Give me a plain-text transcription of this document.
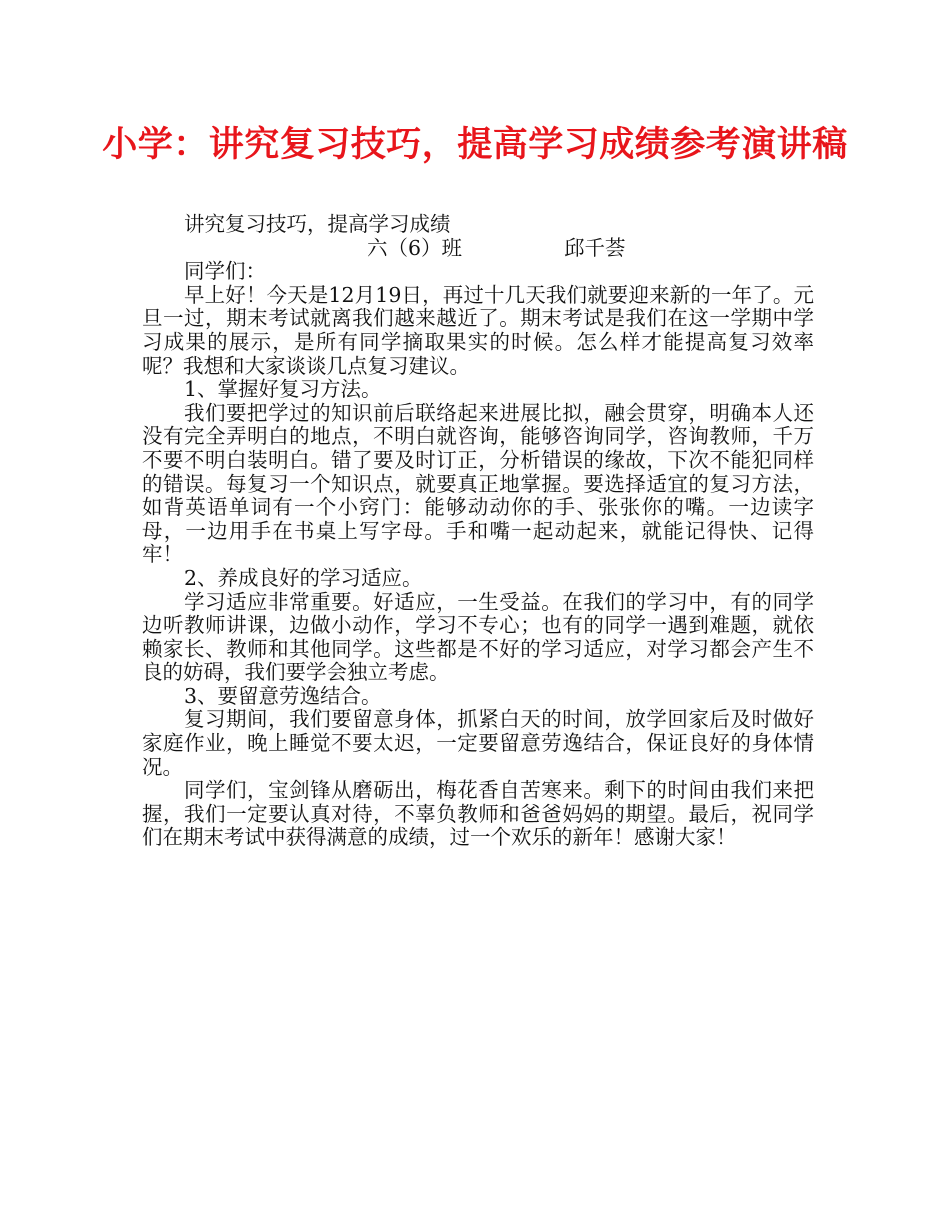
小学：讲究复习技巧，提高学习成绩参考演讲稿

讲究复习技巧，提高学习成绩

六（6）班	邱千荟

同学们：

早上好！今天是12月19日，再过十几天我们就要迎来新的一年了。元旦一过，期末考试就离我们越来越近了。期末考试是我们在这一学期中学习成果的展示，是所有同学摘取果实的时候。怎么样才能提高复习效率呢？我想和大家谈谈几点复习建议。

1、掌握好复习方法。

我们要把学过的知识前后联络起来进展比拟，融会贯穿，明确本人还没有完全弄明白的地点，不明白就咨询，能够咨询同学，咨询教师，千万不要不明白装明白。错了要及时订正，分析错误的缘故，下次不能犯同样的错误。每复习一个知识点，就要真正地掌握。要选择适宜的复习方法，如背英语单词有一个小窍门：能够动动你的手、张张你的嘴。一边读字母，一边用手在书桌上写字母。手和嘴一起动起来，就能记得快、记得牢！

2、养成良好的学习适应。

学习适应非常重要。好适应，一生受益。在我们的学习中，有的同学边听教师讲课，边做小动作，学习不专心；也有的同学一遇到难题，就依赖家长、教师和其他同学。这些都是不好的学习适应，对学习都会产生不良的妨碍，我们要学会独立考虑。

3、要留意劳逸结合。

复习期间，我们要留意身体，抓紧白天的时间，放学回家后及时做好家庭作业，晚上睡觉不要太迟，一定要留意劳逸结合，保证良好的身体情况。

同学们，宝剑锋从磨砺出，梅花香自苦寒来。剩下的时间由我们来把握，我们一定要认真对待，不辜负教师和爸爸妈妈的期望。最后，祝同学们在期末考试中获得满意的成绩，过一个欢乐的新年！感谢大家！
